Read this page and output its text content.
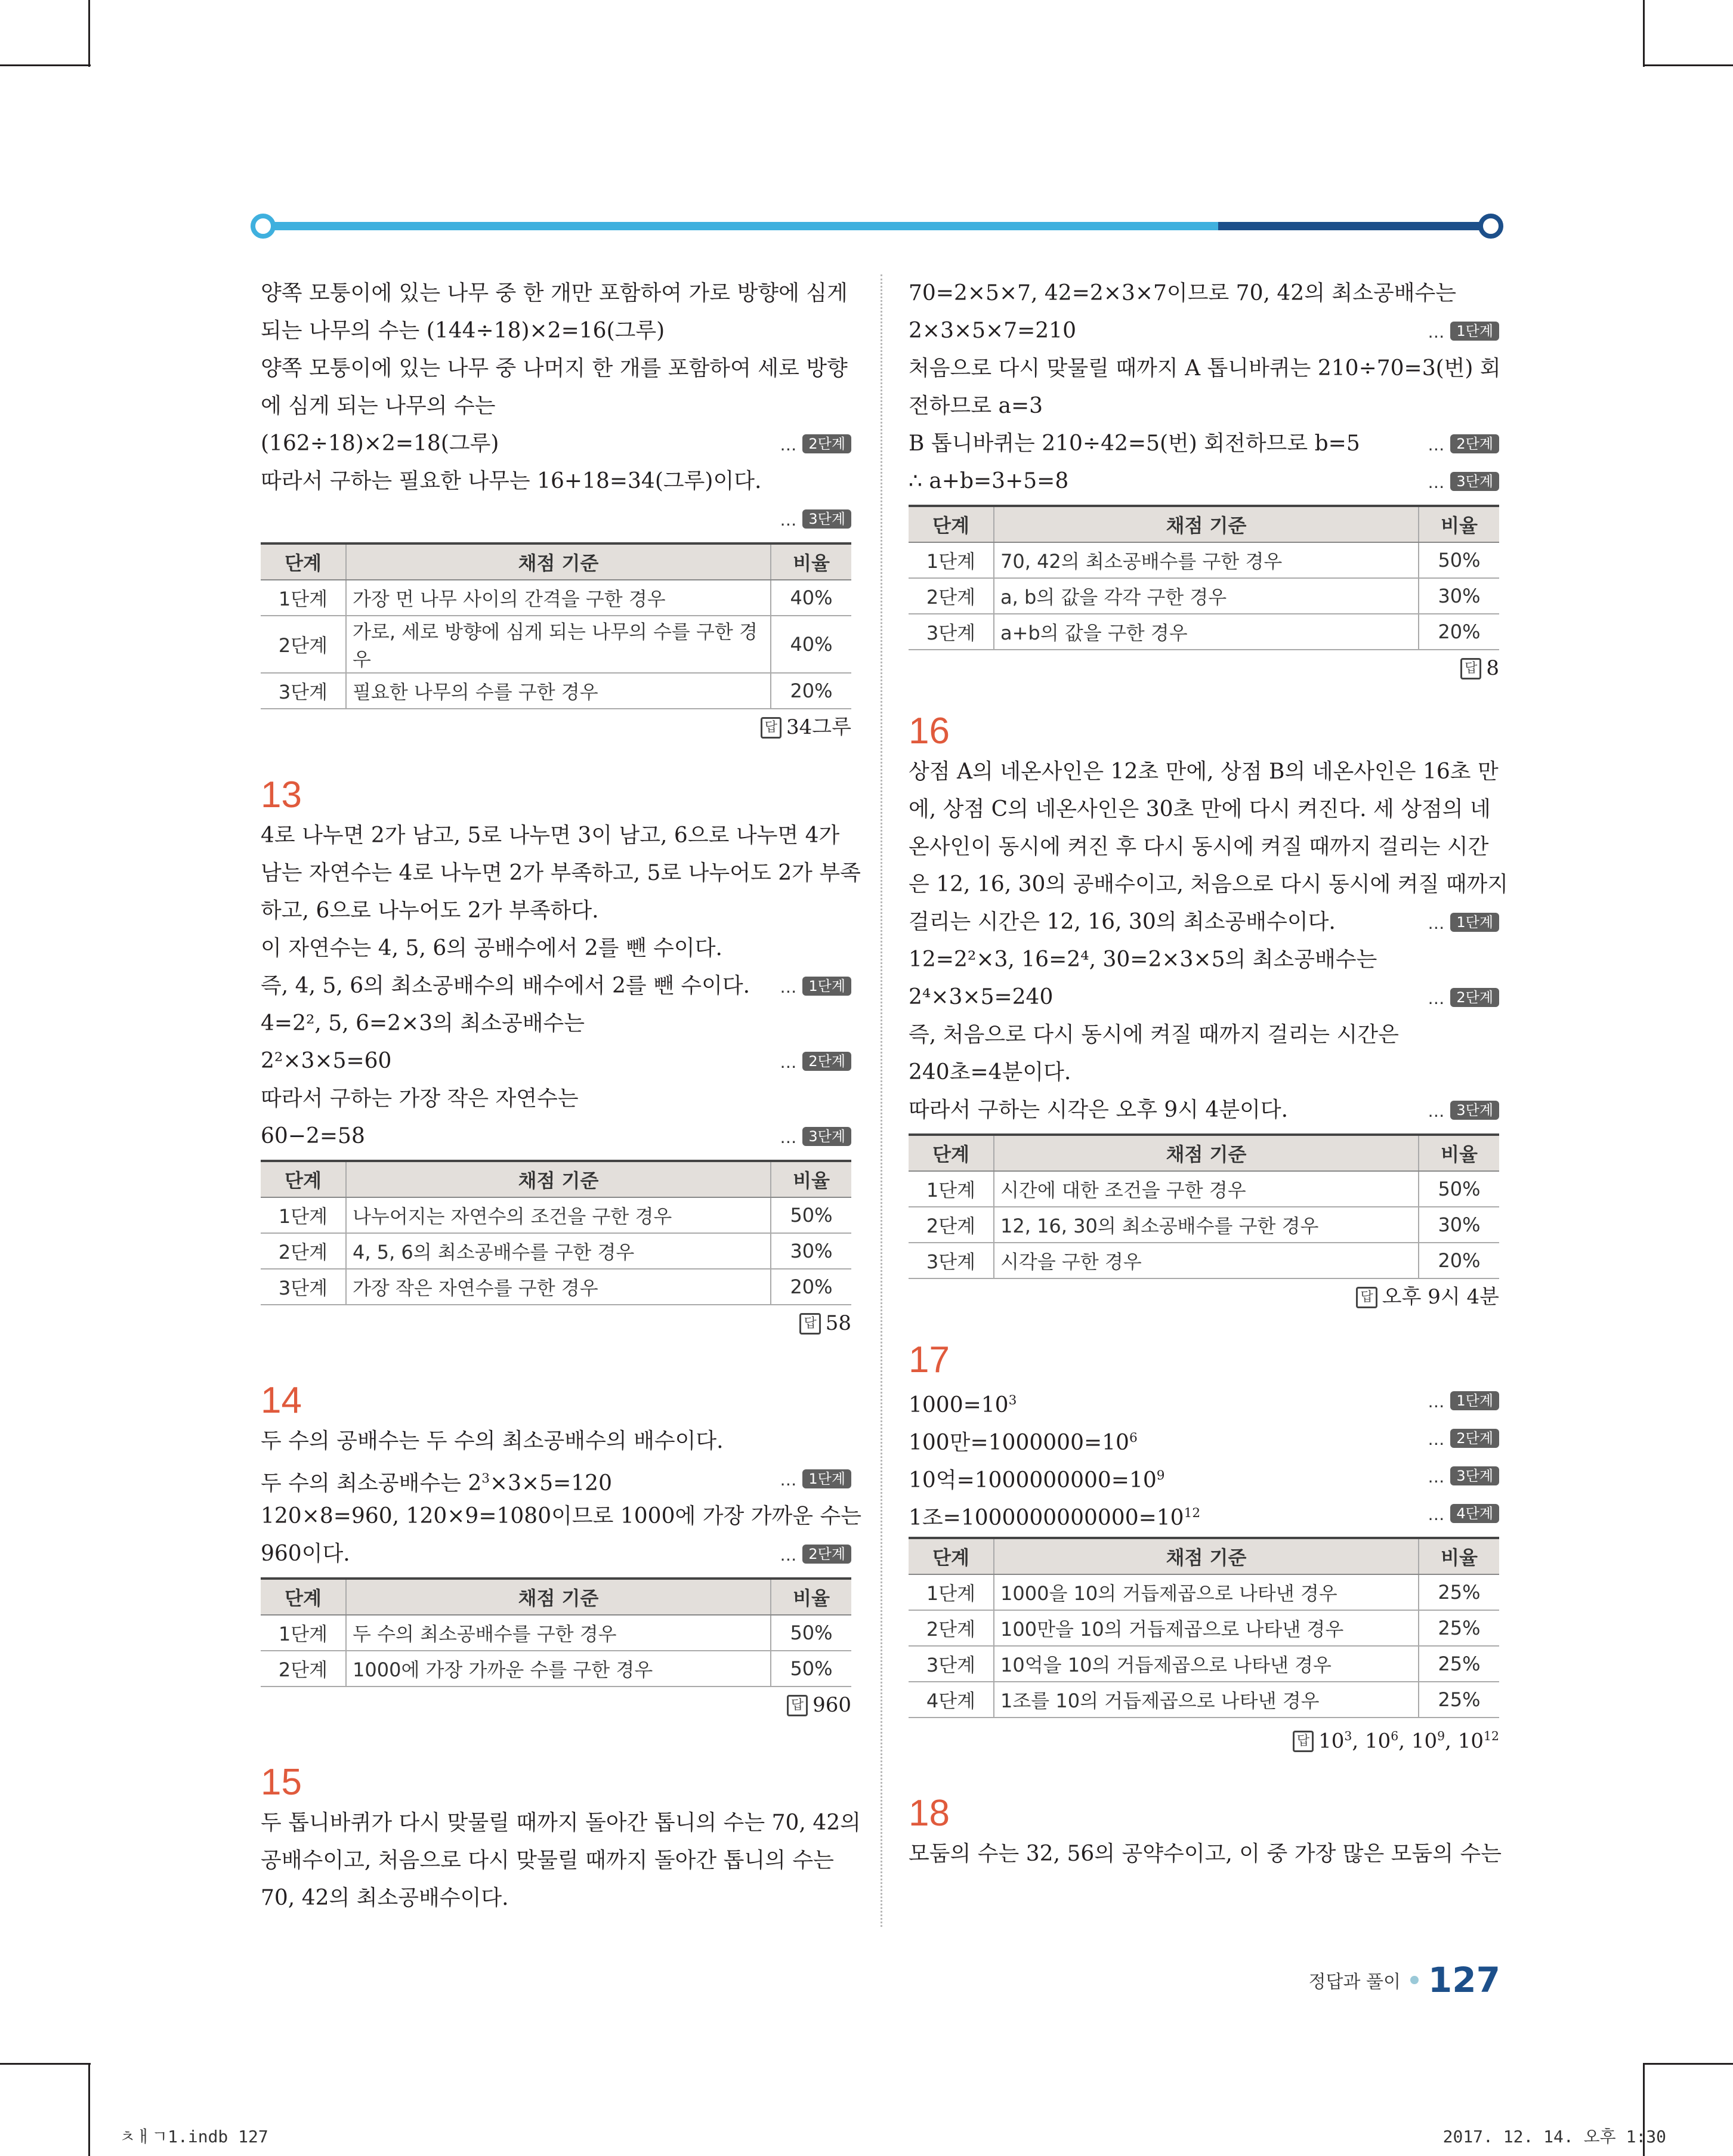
양쪽 모퉁이에 있는 나무 중 한 개만 포함하여 가로 방향에 심게
되는 나무의 수는 (144÷18)×2=16(그루)
양쪽 모퉁이에 있는 나무 중 나머지 한 개를 포함하여 세로 방향
에 심게 되는 나무의 수는
(162÷18)×2=18(그루)	… 2단계
따라서 구하는 필요한 나무는 16+18=34(그루)이다.
… 3단계
단계	채점 기준	비율
1단계	가장 먼 나무 사이의 간격을 구한 경우	40%
2단계	가로, 세로 방향에 심게 되는 나무의 수를 구한 경우	40%
3단계	필요한 나무의 수를 구한 경우	20%
답 34그루
13
4로 나누면 2가 남고, 5로 나누면 3이 남고, 6으로 나누면 4가
남는 자연수는 4로 나누면 2가 부족하고, 5로 나누어도 2가 부족
하고, 6으로 나누어도 2가 부족하다.
이 자연수는 4, 5, 6의 공배수에서 2를 뺀 수이다.
즉, 4, 5, 6의 최소공배수의 배수에서 2를 뺀 수이다. … 1단계
4=2², 5, 6=2×3의 최소공배수는
2²×3×5=60	… 2단계
따라서 구하는 가장 작은 자연수는
60−2=58	… 3단계
단계	채점 기준	비율
1단계	나누어지는 자연수의 조건을 구한 경우	50%
2단계	4, 5, 6의 최소공배수를 구한 경우	30%
3단계	가장 작은 자연수를 구한 경우	20%
답 58
14
두 수의 공배수는 두 수의 최소공배수의 배수이다.
두 수의 최소공배수는 $2^3\times 3\times 5=120$	… 1단계
120×8=960, 120×9=1080이므로 1000에 가장 가까운 수는
960이다.	… 2단계
단계	채점 기준	비율
1단계	두 수의 최소공배수를 구한 경우	50%
2단계	1000에 가장 가까운 수를 구한 경우	50%
답 960
15
두 톱니바퀴가 다시 맞물릴 때까지 돌아간 톱니의 수는 70, 42의
공배수이고, 처음으로 다시 맞물릴 때까지 돌아간 톱니의 수는
70, 42의 최소공배수이다.
70=2×5×7, 42=2×3×7이므로 70, 42의 최소공배수는
2×3×5×7=210	… 1단계
처음으로 다시 맞물릴 때까지 A 톱니바퀴는 210÷70=3(번) 회
전하므로 a=3
B 톱니바퀴는 210÷42=5(번) 회전하므로 b=5	… 2단계
∴ a+b=3+5=8	… 3단계
단계	채점 기준	비율
1단계	70, 42의 최소공배수를 구한 경우	50%
2단계	a, b의 값을 각각 구한 경우	30%
3단계	a+b의 값을 구한 경우	20%
답 8
16
상점 A의 네온사인은 12초 만에, 상점 B의 네온사인은 16초 만
에, 상점 C의 네온사인은 30초 만에 다시 켜진다. 세 상점의 네
온사인이 동시에 켜진 후 다시 동시에 켜질 때까지 걸리는 시간
은 12, 16, 30의 공배수이고, 처음으로 다시 동시에 켜질 때까지
걸리는 시간은 12, 16, 30의 최소공배수이다.	… 1단계
12=2²×3, 16=2⁴, 30=2×3×5의 최소공배수는
2⁴×3×5=240	… 2단계
즉, 처음으로 다시 동시에 켜질 때까지 걸리는 시간은
240초=4분이다.
따라서 구하는 시각은 오후 9시 4분이다.	… 3단계
단계	채점 기준	비율
1단계	시간에 대한 조건을 구한 경우	50%
2단계	12, 16, 30의 최소공배수를 구한 경우	30%
3단계	시각을 구한 경우	20%
답 오후 9시 4분
17
$1000=10^3$	… 1단계
100만$=1000000=10^6$	… 2단계
10억$=1000000000=10^9$	… 3단계
1조$=1000000000000=10^{12}$	… 4단계
단계	채점 기준	비율
1단계	1000을 10의 거듭제곱으로 나타낸 경우	25%
2단계	100만을 10의 거듭제곱으로 나타낸 경우	25%
3단계	10억을 10의 거듭제곱으로 나타낸 경우	25%
4단계	1조를 10의 거듭제곱으로 나타낸 경우	25%
답 $10^3$, $10^6$, $10^9$, $10^{12}$
18
모둠의 수는 32, 56의 공약수이고, 이 중 가장 많은 모둠의 수는
정답과 풀이 127
ㅊㅐㄱ1.indb 127	2017. 12. 14. 오후 1:30
